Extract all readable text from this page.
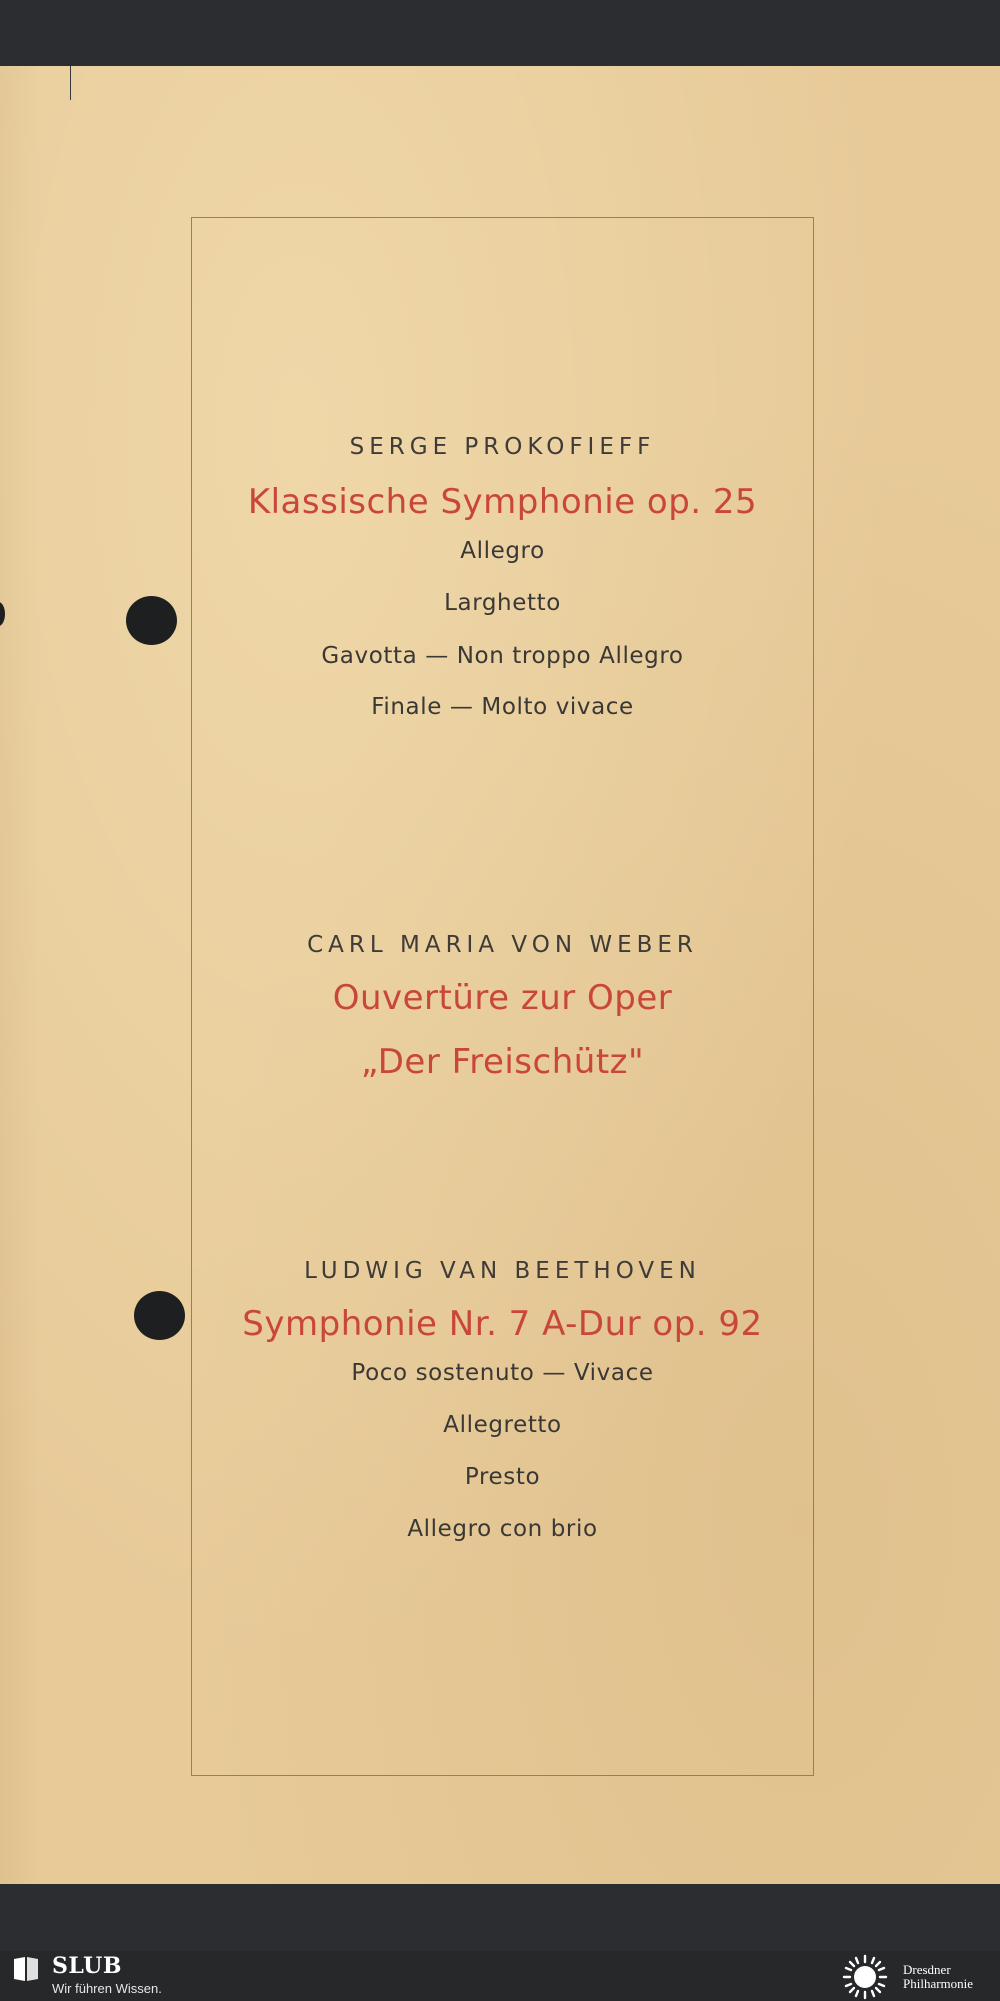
SERGE PROKOFIEFF
Klassische Symphonie op. 25
Allegro
Larghetto
Gavotta — Non troppo Allegro
Finale — Molto vivace
CARL MARIA VON WEBER
Ouvertüre zur Oper
„Der Freischütz"
LUDWIG VAN BEETHOVEN
Symphonie Nr. 7 A-Dur op. 92
Poco sostenuto — Vivace
Allegretto
Presto
Allegro con brio
SLUB
Wir führen Wissen.
Dresdner
Philharmonie
